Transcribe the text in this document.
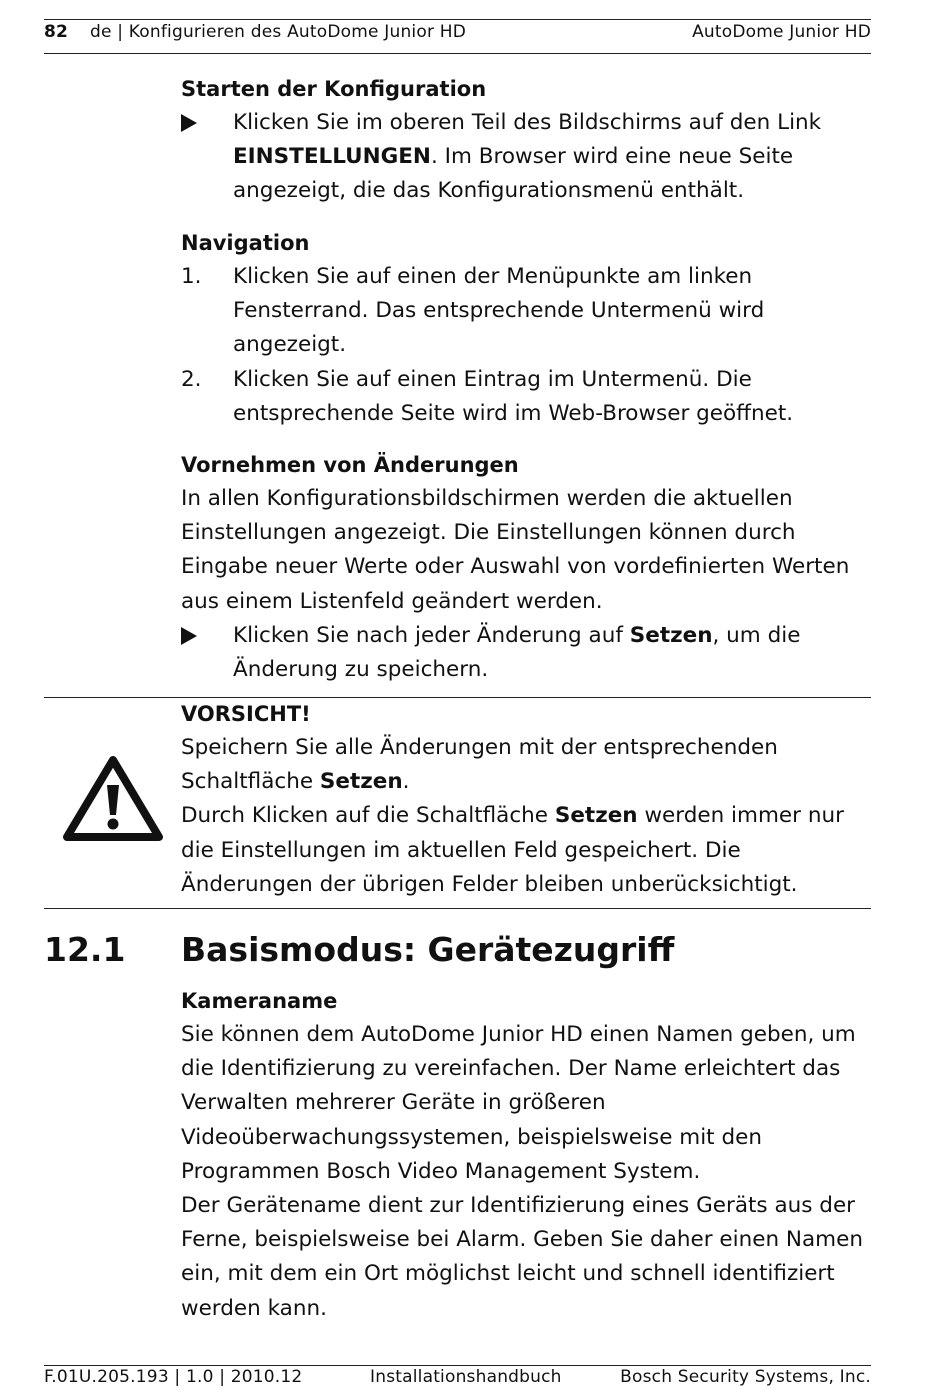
82 de | Konfigurieren des AutoDome Junior HD	AutoDome Junior HD
Starten der Konfiguration
Klicken Sie im oberen Teil des Bildschirms auf den Link EINSTELLUNGEN. Im Browser wird eine neue Seite angezeigt, die das Konfigurationsmenü enthält.
Navigation
1. Klicken Sie auf einen der Menüpunkte am linken Fensterrand. Das entsprechende Untermenü wird angezeigt.
2. Klicken Sie auf einen Eintrag im Untermenü. Die entsprechende Seite wird im Web-Browser geöffnet.
Vornehmen von Änderungen

In allen Konfigurationsbildschirmen werden die aktuellen Einstellungen angezeigt. Die Einstellungen können durch Eingabe neuer Werte oder Auswahl von vordefinierten Werten aus einem Listenfeld geändert werden.

Klicken Sie nach jeder Änderung auf Setzen, um die Änderung zu speichern.
VORSICHT!

Speichern Sie alle Änderungen mit der entsprechenden Schaltfläche Setzen.

Durch Klicken auf die Schaltfläche Setzen werden immer nur die Einstellungen im aktuellen Feld gespeichert. Die Änderungen der übrigen Felder bleiben unberücksichtigt.

12.1 Basismodus: Gerätezugriff
Kameraname

Sie können dem AutoDome Junior HD einen Namen geben, um die Identifizierung zu vereinfachen. Der Name erleichtert das Verwalten mehrerer Geräte in größeren Videoüberwachungssystemen, beispielsweise mit den Programmen Bosch Video Management System.

Der Gerätename dient zur Identifizierung eines Geräts aus der Ferne, beispielsweise bei Alarm. Geben Sie daher einen Namen ein, mit dem ein Ort möglichst leicht und schnell identifiziert werden kann.

F.01U.205.193 | 1.0 | 2010.12	Installationshandbuch	Bosch Security Systems, Inc.
